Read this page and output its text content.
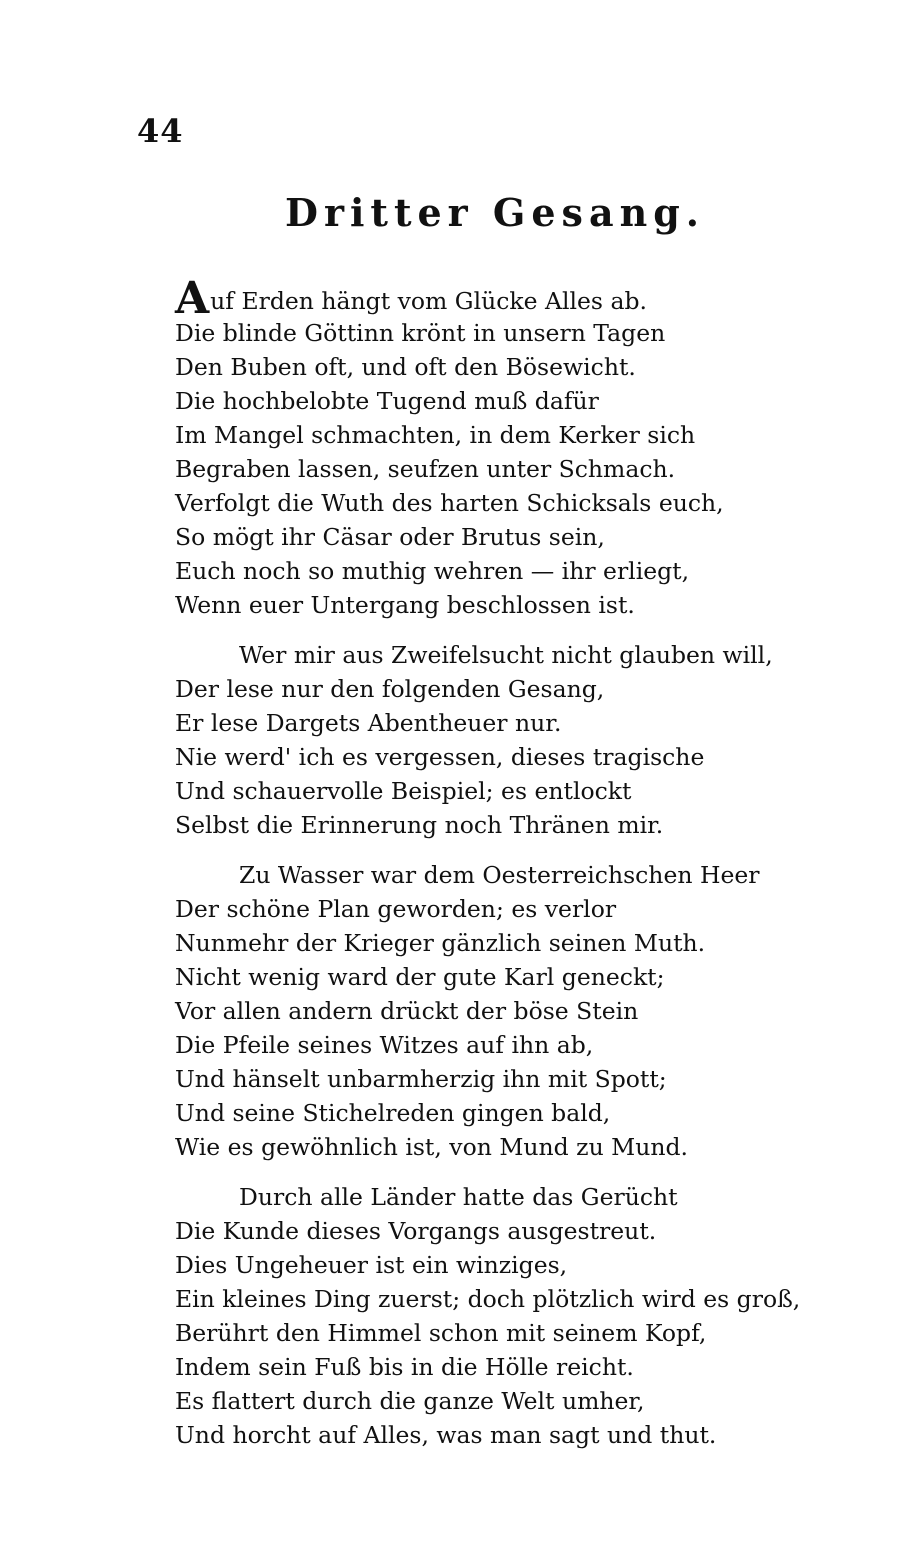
44
Dritter Gesang.
Auf Erden hängt vom Glücke Alles ab.
Die blinde Göttinn krönt in unsern Tagen
Den Buben oft, und oft den Bösewicht.
Die hochbelobte Tugend muß dafür
Im Mangel schmachten, in dem Kerker sich
Begraben lassen, seufzen unter Schmach.
Verfolgt die Wuth des harten Schicksals euch,
So mögt ihr Cäsar oder Brutus sein,
Euch noch so muthig wehren — ihr erliegt,
Wenn euer Untergang beschlossen ist.
Wer mir aus Zweifelsucht nicht glauben will,
Der lese nur den folgenden Gesang,
Er lese Dargets Abentheuer nur.
Nie werd' ich es vergessen, dieses tragische
Und schauervolle Beispiel; es entlockt
Selbst die Erinnerung noch Thränen mir.
Zu Wasser war dem Oesterreichschen Heer
Der schöne Plan geworden; es verlor
Nunmehr der Krieger gänzlich seinen Muth.
Nicht wenig ward der gute Karl geneckt;
Vor allen andern drückt der böse Stein
Die Pfeile seines Witzes auf ihn ab,
Und hänselt unbarmherzig ihn mit Spott;
Und seine Stichelreden gingen bald,
Wie es gewöhnlich ist, von Mund zu Mund.
Durch alle Länder hatte das Gerücht
Die Kunde dieses Vorgangs ausgestreut.
Dies Ungeheuer ist ein winziges,
Ein kleines Ding zuerst; doch plötzlich wird es groß,
Berührt den Himmel schon mit seinem Kopf,
Indem sein Fuß bis in die Hölle reicht.
Es flattert durch die ganze Welt umher,
Und horcht auf Alles, was man sagt und thut.
